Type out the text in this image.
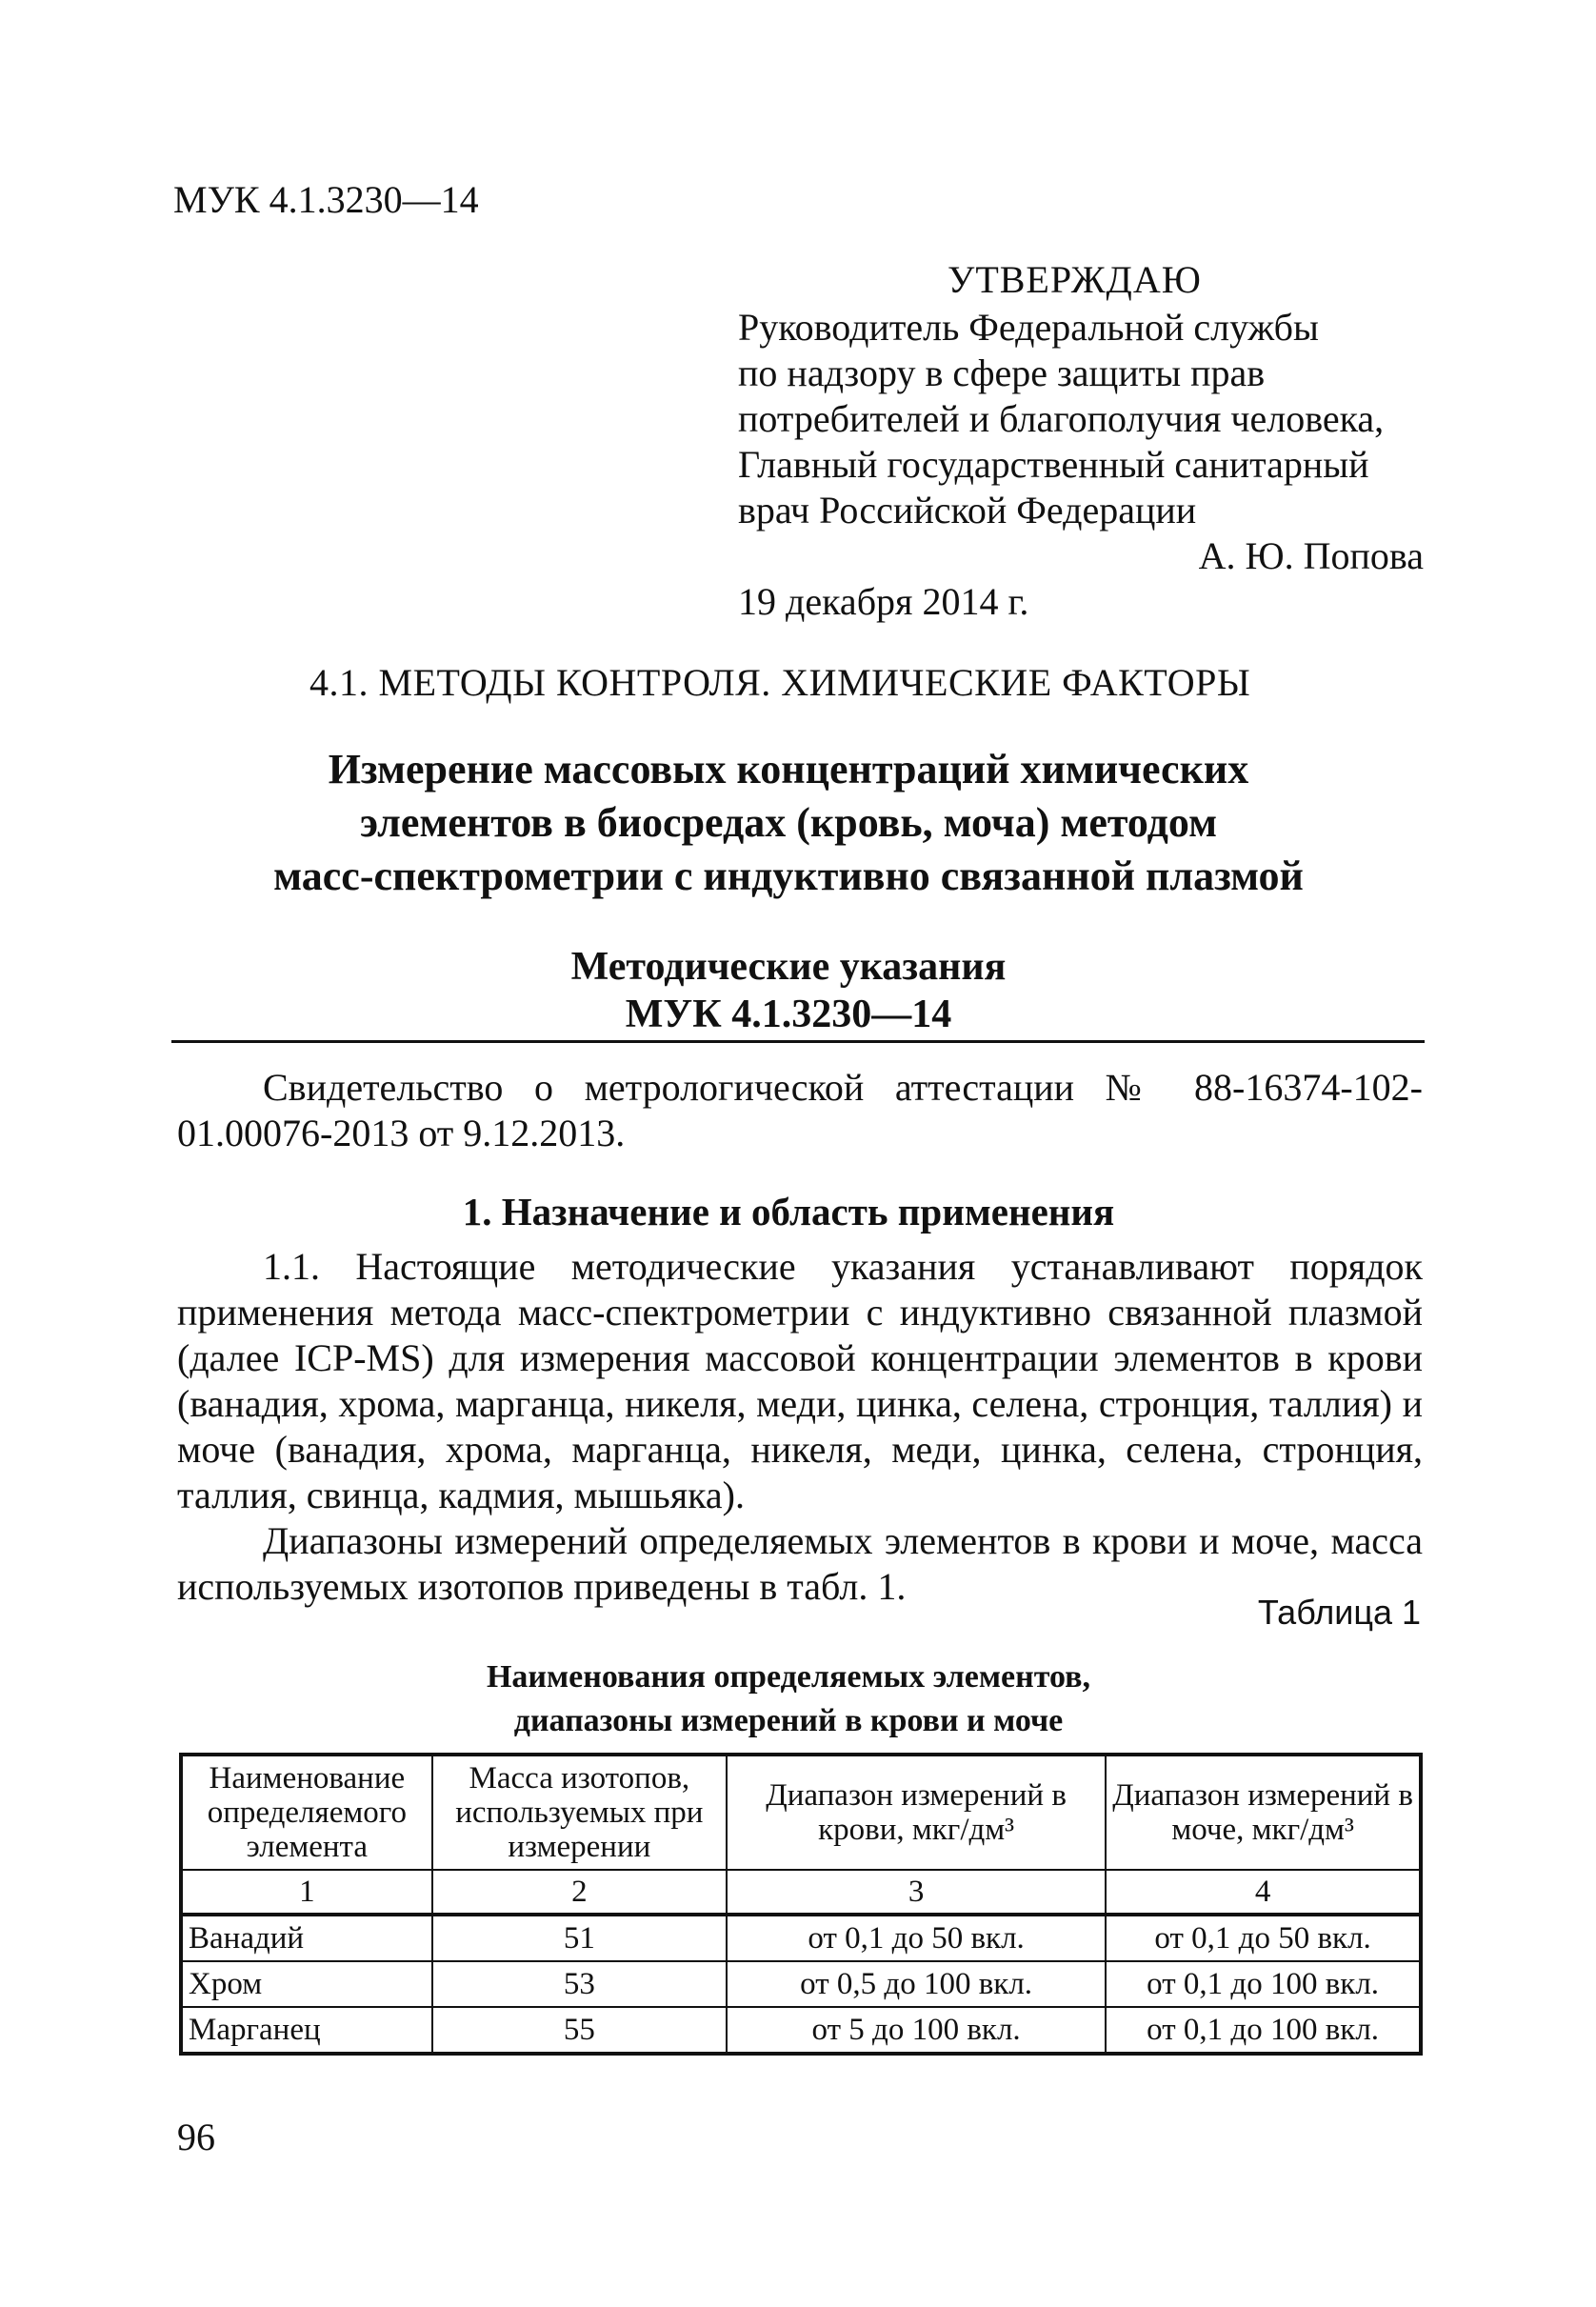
МУК 4.1.3230—14
УТВЕРЖДАЮ
Руководитель Федеральной службы
по надзору в сфере защиты прав
потребителей и благополучия человека,
Главный государственный санитарный
врач Российской Федерации
А. Ю. Попова
19 декабря 2014 г.
4.1. МЕТОДЫ КОНТРОЛЯ. ХИМИЧЕСКИЕ ФАКТОРЫ
Измерение массовых концентраций химических
элементов в биосредах (кровь, моча) методом
масс-спектрометрии с индуктивно связанной плазмой
Методические указания
МУК 4.1.3230—14

Свидетельство о метрологической аттестации № 88-16374-102-01.00076-2013 от 9.12.2013.

1. Назначение и область применения

1.1. Настоящие методические указания устанавливают порядок применения метода масс-спектрометрии с индуктивно связанной плазмой (далее ICP-MS) для измерения массовой концентрации элементов в крови (ванадия, хрома, марганца, никеля, меди, цинка, селена, стронция, таллия) и моче (ванадия, хрома, марганца, никеля, меди, цинка, селена, стронция, таллия, свинца, кадмия, мышьяка).

Диапазоны измерений определяемых элементов в крови и моче, масса используемых изотопов приведены в табл. 1.

Таблица 1
Наименования определяемых элементов,
диапазоны измерений в крови и моче
Наименование определяемого элемента	Масса изотопов, используемых при измерении	Диапазон измерений в крови, мкг/дм³	Диапазон измерений в моче, мкг/дм³
1	2	3	4
Ванадий	51	от 0,1 до 50 вкл.	от 0,1 до 50 вкл.
Хром	53	от 0,5 до 100 вкл.	от 0,1 до 100 вкл.
Марганец	55	от 5 до 100 вкл.	от 0,1 до 100 вкл.
96
